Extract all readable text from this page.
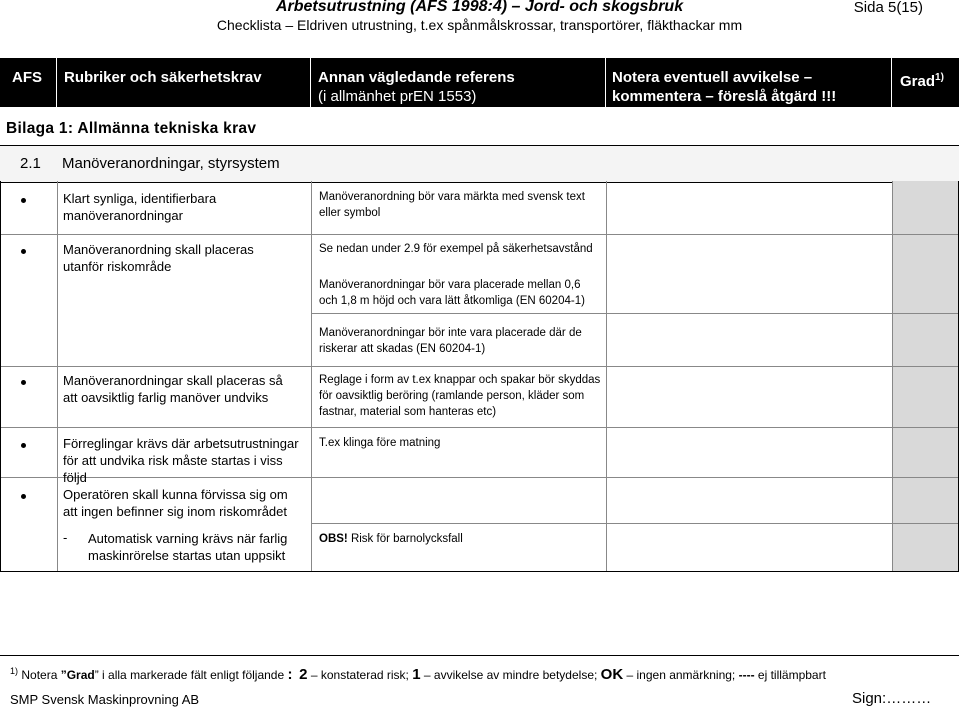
Arbetsutrustning (AFS 1998:4) – Jord- och skogsbruk
Checklista – Eldriven utrustning, t.ex spånmålskrossar, transportörer, fläkthackar mm
Sida 5(15)
AFS Rubriker och säkerhetskrav	Annan vägledande referens
(i allmänhet prEN 1553)
Notera eventuell avvikelse –
kommentera – föreslå åtgärd !!!
Grad$^{1)}$
Bilaga 1: Allmänna tekniska krav
2.1 Manöveranordningar, styrsystem
Klart synliga, identifierbara manöveranordningar
Manöveranordning bör vara märkta med svensk text eller symbol
Manöveranordning skall placeras utanför riskområde
Se nedan under 2.9 för exempel på säkerhetsavstånd
Manöveranordningar bör vara placerade mellan 0,6 och 1,8 m höjd och vara lätt åtkomliga (EN 60204-1)
Manöveranordningar bör inte vara placerade där de riskerar att skadas (EN 60204-1)
Manöveranordningar skall placeras så att oavsiktlig farlig manöver undviks
Reglage i form av t.ex knappar och spakar bör skyddas för oavsiktlig beröring (ramlande person, kläder som fastnar, material som hanteras etc)
Förreglingar krävs där arbetsutrustningar för att undvika risk måste startas i viss följd
T.ex klinga före matning
Operatören skall kunna förvissa sig om att ingen befinner sig inom riskområdet
- Automatisk varning krävs när farlig maskinrörelse startas utan uppsikt
OBS! Risk för barnolycksfall
$^{1)}$ Notera ”Grad” i alla markerade fält enligt följande : 2 – konstaterad risk; 1 – avvikelse av mindre betydelse; OK – ingen anmärkning; ---- ej tillämpbart
SMP Svensk Maskinprovning AB	Sign:………
